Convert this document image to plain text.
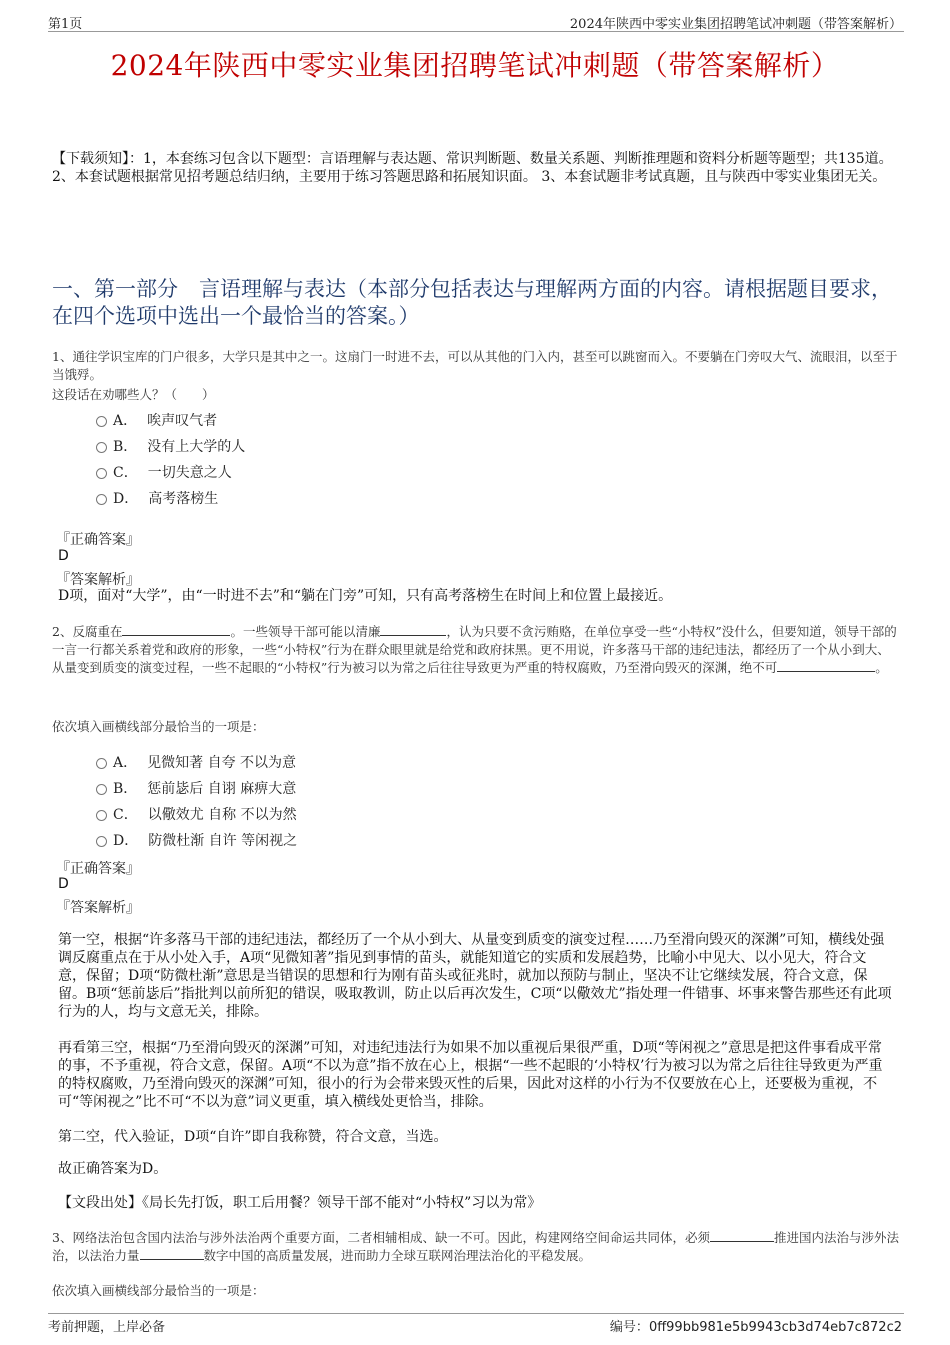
第1页	2024年陕西中零实业集团招聘笔试冲刺题（带答案解析）
2024年陕西中零实业集团招聘笔试冲刺题（带答案解析）
【下载须知】：1，本套练习包含以下题型：言语理解与表达题、常识判断题、数量关系题、判断推理题和资料分析题等题型；共135道。 2、本套试题根据常见招考题总结归纳，主要用于练习答题思路和拓展知识面。 3、本套试题非考试真题，且与陕西中零实业集团无关。
一、第一部分　言语理解与表达（本部分包括表达与理解两方面的内容。请根据题目要求，在四个选项中选出一个最恰当的答案。）
1、通往学识宝库的门户很多，大学只是其中之一。这扇门一时进不去，可以从其他的门入内，甚至可以跳窗而入。不要躺在门旁叹大气、流眼泪，以至于当饿殍。
这段话在劝哪些人？（　　）
A． 唉声叹气者
B． 没有上大学的人
C． 一切失意之人
D． 高考落榜生
『正确答案』
D
『答案解析』
D项，面对“大学”，由“一时进不去”和“躺在门旁”可知，只有高考落榜生在时间上和位置上最接近。
2、反腐重在	。一些领导干部可能以清廉	，认为只要不贪污贿赂，在单位享受一些“小特权”没什么，但要知道，领导干部的一言一行都关系着党和政府的形象，一些“小特权”行为在群众眼里就是给党和政府抹黑。更不用说，许多落马干部的违纪违法，都经历了一个从小到大、从量变到质变的演变过程，一些不起眼的“小特权”行为被习以为常之后往往导致更为严重的特权腐败，乃至滑向毁灭的深渊，绝不可	。
依次填入画横线部分最恰当的一项是：
A． 见微知著 自夸 不以为意
B． 惩前毖后 自诩 麻痹大意
C． 以儆效尤 自称 不以为然
D． 防微杜渐 自许 等闲视之
『正确答案』
D
『答案解析』
第一空，根据“许多落马干部的违纪违法，都经历了一个从小到大、从量变到质变的演变过程……乃至滑向毁灭的深渊”可知，横线处强调反腐重点在于从小处入手，A项“见微知著”指见到事情的苗头，就能知道它的实质和发展趋势，比喻小中见大、以小见大，符合文意，保留；D项“防微杜渐”意思是当错误的思想和行为刚有苗头或征兆时，就加以预防与制止，坚决不让它继续发展，符合文意，保留。B项“惩前毖后”指批判以前所犯的错误，吸取教训，防止以后再次发生，C项“以儆效尤”指处理一件错事、坏事来警告那些还有此项行为的人，均与文意无关，排除。
再看第三空，根据“乃至滑向毁灭的深渊”可知，对违纪违法行为如果不加以重视后果很严重，D项“等闲视之”意思是把这件事看成平常的事，不予重视，符合文意，保留。A项“不以为意”指不放在心上，根据“一些不起眼的‘小特权’行为被习以为常之后往往导致更为严重的特权腐败，乃至滑向毁灭的深渊”可知，很小的行为会带来毁灭性的后果，因此对这样的小行为不仅要放在心上，还要极为重视，不可“等闲视之”比不可“不以为意”词义更重，填入横线处更恰当，排除。
第二空，代入验证，D项“自许”即自我称赞，符合文意，当选。
故正确答案为D。
【文段出处】《局长先打饭，职工后用餐？领导干部不能对“小特权”习以为常》
3、网络法治包含国内法治与涉外法治两个重要方面，二者相辅相成、缺一不可。因此，构建网络空间命运共同体，必须	推进国内法治与涉外法治，以法治力量	数字中国的高质量发展，进而助力全球互联网治理法治化的平稳发展。
依次填入画横线部分最恰当的一项是：
考前押题，上岸必备	编号：0ff99bb981e5b9943cb3d74eb7c872c2
